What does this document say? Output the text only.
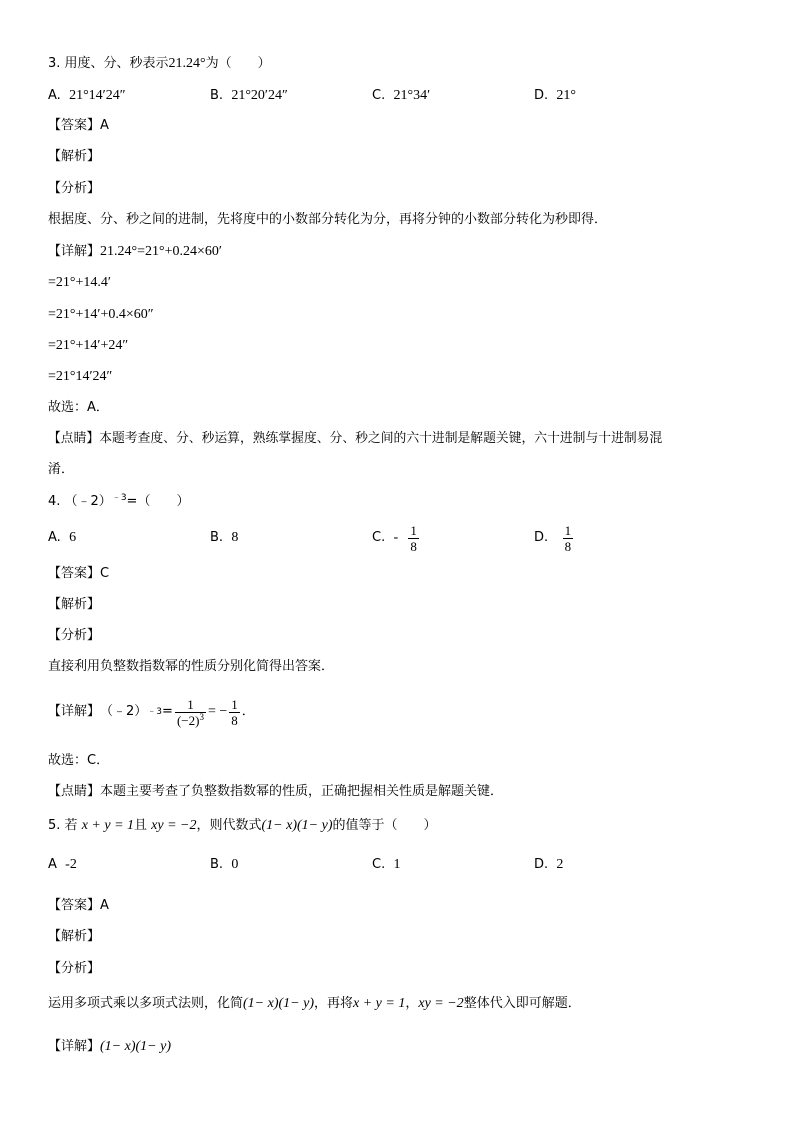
3. 用度、分、秒表示21.24°为（　　）
A. 21°14′24″	B. 21°20′24″	C. 21°34′	D. 21°
【答案】A
【解析】
【分析】
根据度、分、秒之间的进制，先将度中的小数部分转化为分，再将分钟的小数部分转化为秒即得．
【详解】21.24°=21°+0.24×60′
=21°+14.4′
=21°+14′+0.4×60″
=21°+14′+24″
=21°14′24″
故选：A．
【点睛】本题考查度、分、秒运算，熟练掌握度、分、秒之间的六十进制是解题关键，六十进制与十进制易混
淆．
4. （﹣2）$^{﹣3}$=（　　）
A. 6	B. 8	C.
-
$\frac{1}{8}$	D.
$\frac{1}{8}$
【答案】C
【解析】
【分析】
直接利用负整数指数幂的性质分别化简得出答案．
【详解】 （﹣2） ﹣3 = $\frac{1}{(-2)^3}$ = − $\frac{1}{8}$ ．
故选：C．
【点睛】本题主要考查了负整数指数幂的性质，正确把握相关性质是解题关键．
5. 若 x + y = 1且 xy = −2，则代数式(1− x)(1− y)的值等于（　　）
A -2	B. 0	C. 1	D. 2
【答案】A
【解析】
【分析】
运用多项式乘以多项式法则，化简(1− x)(1− y)，再将x + y = 1，xy = −2整体代入即可解题．
【详解】(1− x)(1− y)
